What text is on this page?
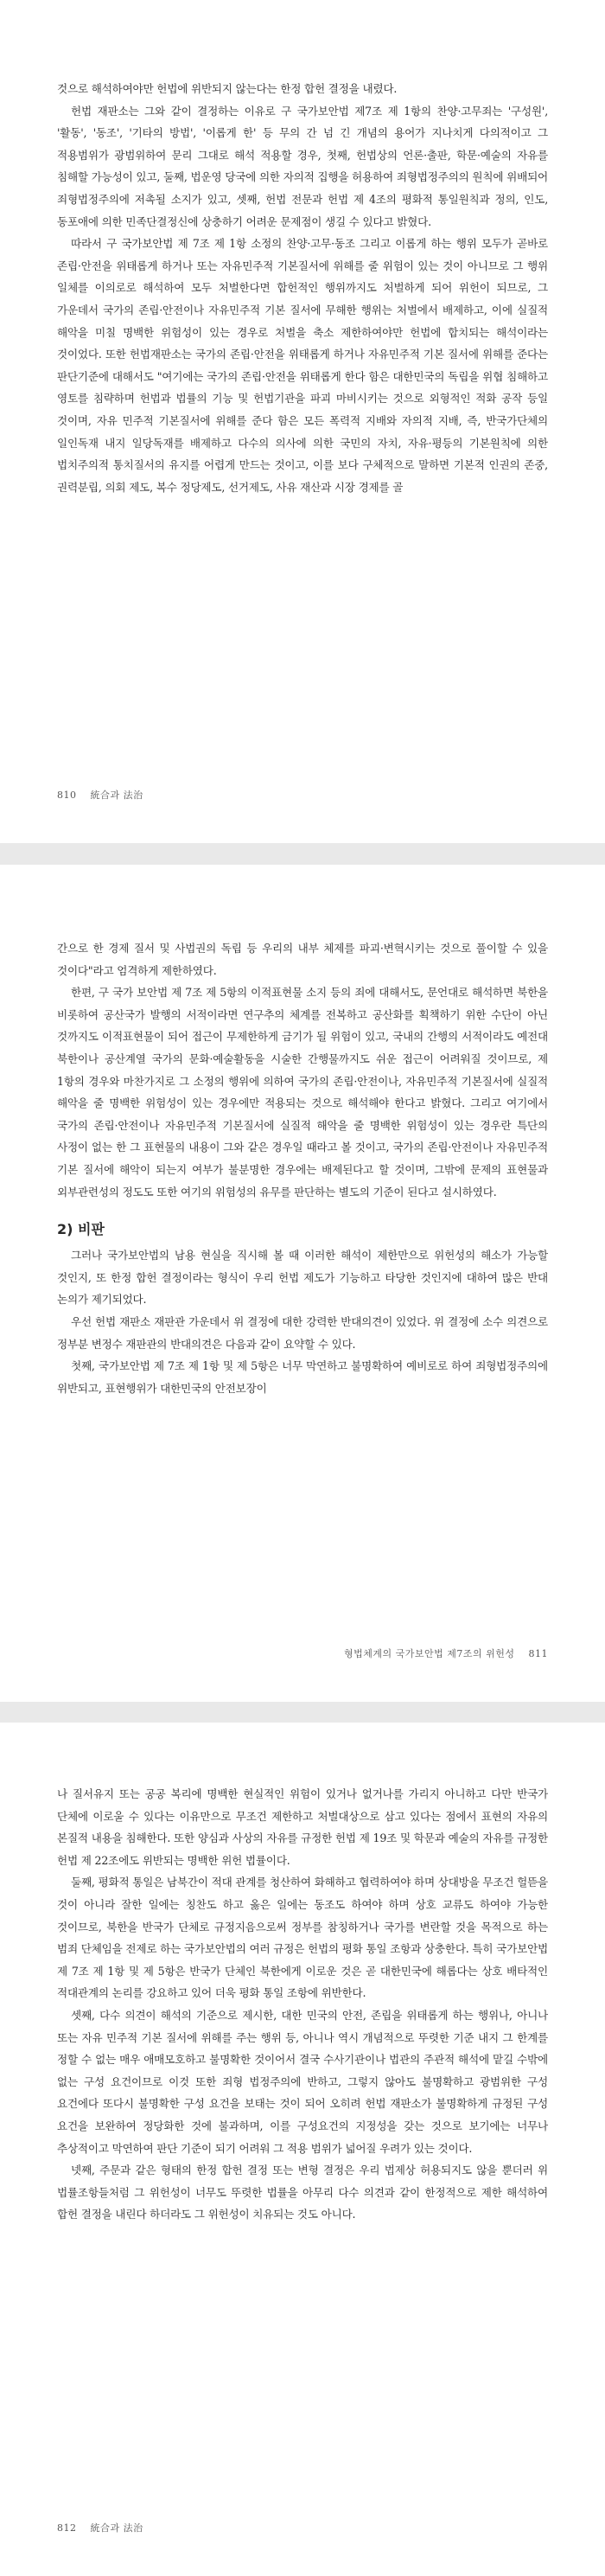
것으로 해석하여야만 헌법에 위반되지 않는다는 한정 합헌 결정을 내렸다.

헌법 재판소는 그와 같이 결정하는 이유로 구 국가보안법 제7조 제 1항의 찬양·고무죄는 '구성원', '활동', '동조', '기타의 방법', '이롭게 한' 등 무의 간 넘 긴 개념의 용어가 지나치게 다의적이고 그 적용범위가 광범위하여 문리 그대로 해석 적용할 경우, 첫째, 헌법상의 언론·출판, 학문·예술의 자유를 침해할 가능성이 있고, 둘째, 법운영 당국에 의한 자의적 집행을 허용하여 죄형법정주의의 원칙에 위배되어 죄형법정주의에 저촉될 소지가 있고, 셋째, 헌법 전문과 헌법 제 4조의 평화적 통일원칙과 정의, 인도, 동포애에 의한 민족단결정신에 상충하기 어려운 문제점이 생길 수 있다고 밝혔다.

따라서 구 국가보안법 제 7조 제 1항 소정의 찬양·고무·동조 그리고 이롭게 하는 행위 모두가 곧바로 존립·안전을 위태롭게 하거나 또는 자유민주적 기본질서에 위해를 줄 위험이 있는 것이 아니므로 그 행위 일체를 이의로로 해석하여 모두 처벌한다면 합헌적인 행위까지도 처벌하게 되어 위헌이 되므로, 그 가운데서 국가의 존립·안전이나 자유민주적 기본 질서에 무해한 행위는 처벌에서 배제하고, 이에 실질적 해악을 미칠 명백한 위험성이 있는 경우로 처벌을 축소 제한하여야만 헌법에 합치되는 해석이라는 것이었다. 또한 헌법재판소는 국가의 존립·안전을 위태롭게 하거나 자유민주적 기본 질서에 위해를 준다는 판단기준에 대해서도 "여기에는 국가의 존립·안전을 위태롭게 한다 함은 대한민국의 독립을 위협 침해하고 영토를 침략하며 헌법과 법률의 기능 및 헌법기관을 파괴 마비시키는 것으로 외형적인 적화 공작 등일 것이며, 자유 민주적 기본질서에 위해를 준다 함은 모든 폭력적 지배와 자의적 지배, 즉, 반국가단체의 일인독재 내지 일당독재를 배제하고 다수의 의사에 의한 국민의 자치, 자유·평등의 기본원칙에 의한 법치주의적 통치질서의 유지를 어렵게 만드는 것이고, 이를 보다 구체적으로 말하면 기본적 인권의 존중, 권력분립, 의회 제도, 복수 정당제도, 선거제도, 사유 재산과 시장 경제를 골

810 統合과 法治

간으로 한 경제 질서 및 사법권의 독립 등 우리의 내부 체제를 파괴·변혁시키는 것으로 풀이할 수 있을 것이다"라고 엄격하게 제한하였다.

한편, 구 국가 보안법 제 7조 제 5항의 이적표현물 소지 등의 죄에 대해서도, 문언대로 해석하면 북한을 비롯하여 공산국가 발행의 서적이라면 연구추의 체계를 전복하고 공산화를 획책하기 위한 수단이 아닌 것까지도 이적표현물이 되어 접근이 무제한하게 금기가 될 위험이 있고, 국내의 간행의 서적이라도 예전대 북한이나 공산계열 국가의 문화·예술활동을 시술한 간행물까지도 쉬운 접근이 어려워질 것이므로, 제 1항의 경우와 마찬가지로 그 소정의 행위에 의하여 국가의 존립·안전이나, 자유민주적 기본질서에 실질적 해악을 줄 명백한 위험성이 있는 경우에만 적용되는 것으로 해석해야 한다고 밝혔다. 그리고 여기에서 국가의 존립·안전이나 자유민주적 기본질서에 실질적 해악을 줄 명백한 위험성이 있는 경우란 특단의 사정이 없는 한 그 표현물의 내용이 그와 같은 경우일 때라고 볼 것이고, 국가의 존립·안전이나 자유민주적 기본 질서에 해악이 되는지 여부가 불분명한 경우에는 배제된다고 할 것이며, 그밖에 문제의 표현물과 외부관련성의 정도도 또한 여기의 위험성의 유무를 판단하는 별도의 기준이 된다고 설시하였다.

2) 비판

그러나 국가보안법의 남용 현실을 직시해 볼 때 이러한 해석이 제한만으로 위헌성의 해소가 가능할 것인지, 또 한정 합헌 결정이라는 형식이 우리 헌법 제도가 기능하고 타당한 것인지에 대하여 많은 반대 논의가 제기되었다.

우선 헌법 재판소 재판관 가운데서 위 결정에 대한 강력한 반대의견이 있었다. 위 결정에 소수 의견으로 정부분 변정수 재판관의 반대의견은 다음과 같이 요약할 수 있다.

첫째, 국가보안법 제 7조 제 1항 및 제 5항은 너무 막연하고 불명확하여 예비로로 하여 죄형법정주의에 위반되고, 표현행위가 대한민국의 안전보장이

형법체계의 국가보안법 제7조의 위헌성 811

나 질서유지 또는 공공 복리에 명백한 현실적인 위험이 있거나 없거나를 가리지 아니하고 다만 반국가 단체에 이로울 수 있다는 이유만으로 무조건 제한하고 처벌대상으로 삼고 있다는 점에서 표현의 자유의 본질적 내용을 침해한다. 또한 양심과 사상의 자유를 규정한 헌법 제 19조 및 학문과 예술의 자유를 규정한 헌법 제 22조에도 위반되는 명백한 위헌 법률이다.

둘째, 평화적 통일은 남북간이 적대 관계를 청산하여 화해하고 협력하여야 하며 상대방을 무조건 헐뜯을 것이 아니라 잘한 일에는 칭찬도 하고 옳은 일에는 동조도 하여야 하며 상호 교류도 하여야 가능한 것이므로, 북한을 반국가 단체로 규정지음으로써 정부를 참칭하거나 국가를 변란할 것을 목적으로 하는 범죄 단체임을 전제로 하는 국가보안법의 여러 규정은 헌법의 평화 통일 조항과 상충한다. 특히 국가보안법 제 7조 제 1항 및 제 5항은 반국가 단체인 북한에게 이로운 것은 곧 대한민국에 해롭다는 상호 배타적인 적대관계의 논리를 강요하고 있어 더욱 평화 통일 조항에 위반한다.

셋째, 다수 의견이 해석의 기준으로 제시한, 대한 민국의 안전, 존립을 위태롭게 하는 행위나, 아니나 또는 자유 민주적 기본 질서에 위해를 주는 행위 등, 아니나 역시 개념적으로 뚜렷한 기준 내지 그 한계를 정할 수 없는 매우 애매모호하고 불명확한 것이어서 결국 수사기관이나 법관의 주관적 해석에 맡길 수밖에 없는 구성 요건이므로 이것 또한 죄형 법정주의에 반하고, 그렇지 않아도 불명확하고 광범위한 구성 요건에다 또다시 불명확한 구성 요건을 보태는 것이 되어 오히려 헌법 재판소가 불명확하게 규정된 구성 요건을 보완하여 정당화한 것에 불과하며, 이를 구성요건의 지정성을 갖는 것으로 보기에는 너무나 추상적이고 막연하여 판단 기준이 되기 어려워 그 적용 범위가 넓어질 우려가 있는 것이다.

넷째, 주문과 같은 형태의 한정 합헌 결정 또는 변형 결정은 우리 법제상 허용되지도 않을 뿐더러 위 법률조항들처럼 그 위헌성이 너무도 뚜렷한 법률을 아무리 다수 의견과 같이 한정적으로 제한 해석하여 합헌 결정을 내린다 하더라도 그 위헌성이 치유되는 것도 아니다.

812 統合과 法治
